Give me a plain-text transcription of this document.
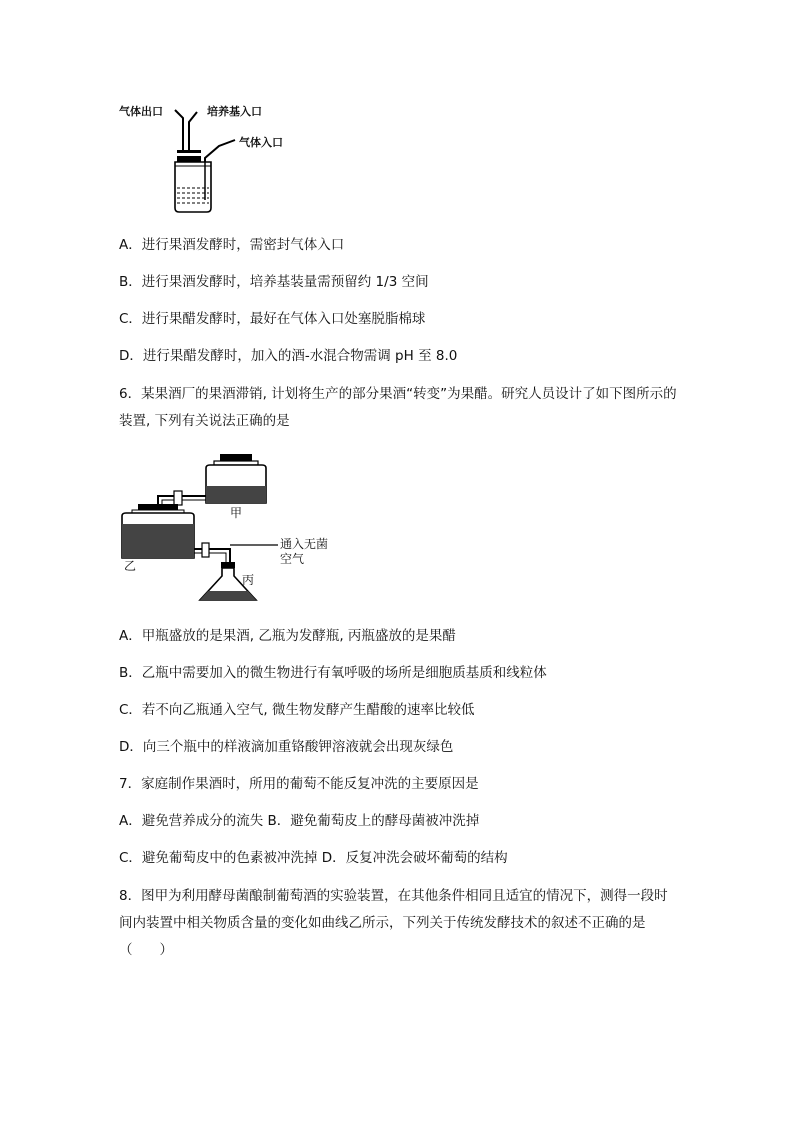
气体出口	培养基入口
气体入口
A．进行果酒发酵时，需密封气体入口
B．进行果酒发酵时，培养基装量需预留约 1/3 空间
C．进行果醋发酵时，最好在气体入口处塞脱脂棉球
D．进行果醋发酵时，加入的酒-水混合物需调 pH 至 8.0
6．某果酒厂的果酒滞销, 计划将生产的部分果酒“转变”为果醋。研究人员设计了如下图所示的装置, 下列有关说法正确的是
甲
乙
丙
通入无菌
空气
A．甲瓶盛放的是果酒, 乙瓶为发酵瓶, 丙瓶盛放的是果醋
B．乙瓶中需要加入的微生物进行有氧呼吸的场所是细胞质基质和线粒体
C．若不向乙瓶通入空气, 微生物发酵产生醋酸的速率比较低
D．向三个瓶中的样液滴加重铬酸钾溶液就会出现灰绿色
7．家庭制作果酒时，所用的葡萄不能反复冲洗的主要原因是
A．避免营养成分的流失 B．避免葡萄皮上的酵母菌被冲洗掉
C．避免葡萄皮中的色素被冲洗掉 D．反复冲洗会破坏葡萄的结构
8．图甲为利用酵母菌酿制葡萄酒的实验装置，在其他条件相同且适宜的情况下，测得一段时间内装置中相关物质含量的变化如曲线乙所示，下列关于传统发酵技术的叙述不正确的是（　　）
